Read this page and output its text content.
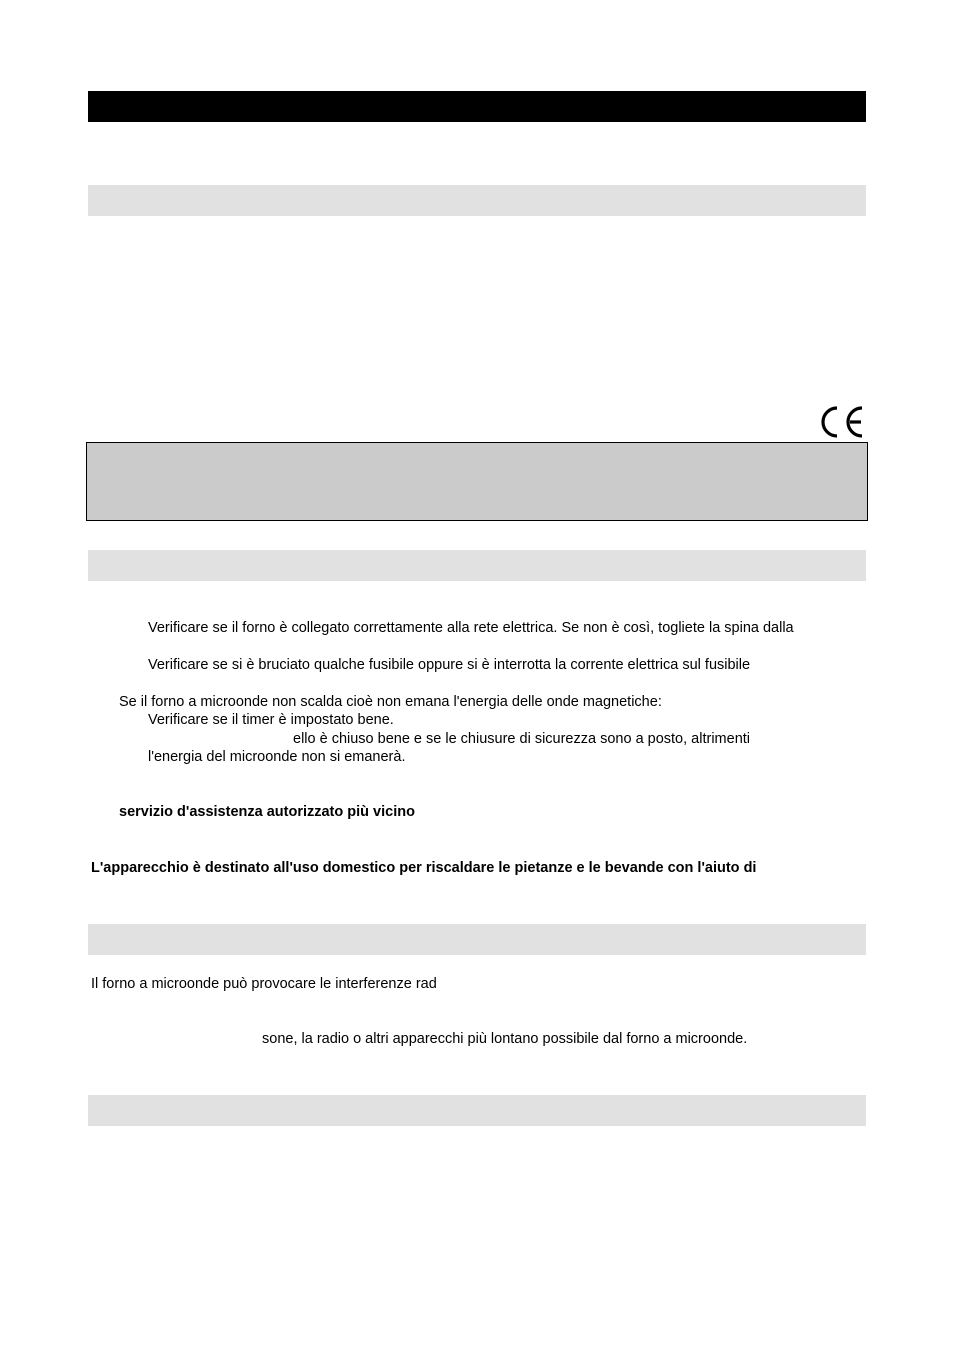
Verificare se il forno è collegato correttamente alla rete elettrica. Se non è così, togliete la spina dalla
Verificare se si è bruciato qualche fusibile oppure si è interrotta la corrente elettrica sul fusibile
Se il forno a microonde non scalda cioè non emana l'energia delle onde magnetiche:
Verificare se il timer è impostato bene.
ello è chiuso bene e se le chiusure di sicurezza sono a posto, altrimenti
l'energia del microonde non si emanerà.
servizio d'assistenza autorizzato più vicino
L'apparecchio è destinato all'uso domestico per riscaldare le pietanze e le bevande con l'aiuto di
Il forno a microonde può provocare le interferenze rad
sone, la radio o altri apparecchi più lontano possibile dal forno a microonde.
